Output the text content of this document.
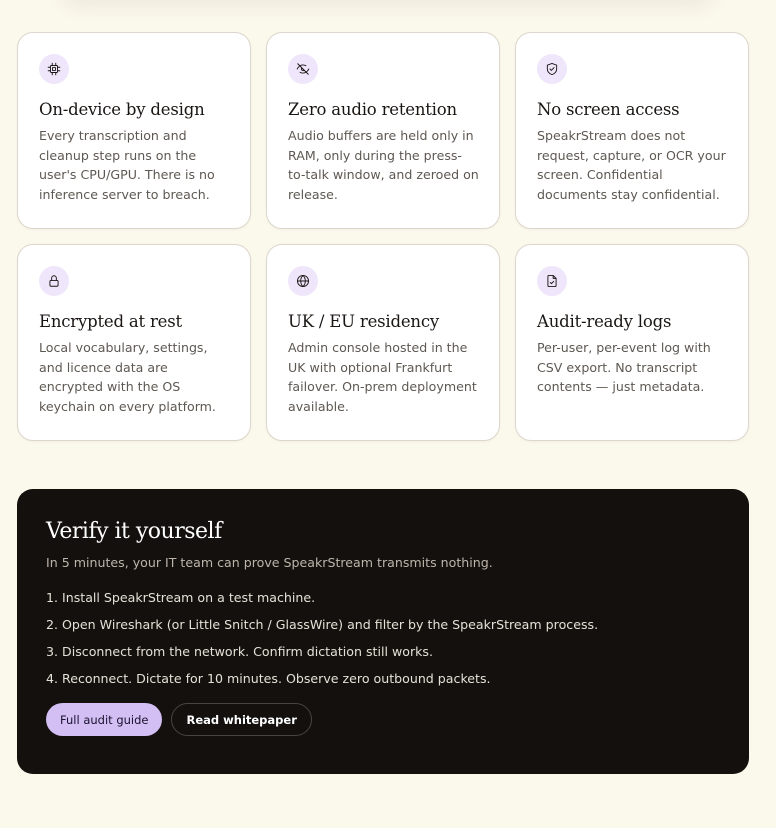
On-device by design
Every transcription and cleanup step runs on the user's CPU/GPU. There is no inference server to breach.
Zero audio retention
Audio buffers are held only in RAM, only during the press-to-talk window, and zeroed on release.
No screen access
SpeakrStream does not request, capture, or OCR your screen. Confidential documents stay confidential.
Encrypted at rest
Local vocabulary, settings, and licence data are encrypted with the OS keychain on every platform.
UK / EU residency
Admin console hosted in the UK with optional Frankfurt failover. On-prem deployment available.
Audit-ready logs
Per-user, per-event log with CSV export. No transcript contents — just metadata.
Verify it yourself
In 5 minutes, your IT team can prove SpeakrStream transmits nothing.
1. Install SpeakrStream on a test machine.
2. Open Wireshark (or Little Snitch / GlassWire) and filter by the SpeakrStream process.
3. Disconnect from the network. Confirm dictation still works.
4. Reconnect. Dictate for 10 minutes. Observe zero outbound packets.
Full audit guide	Read whitepaper
